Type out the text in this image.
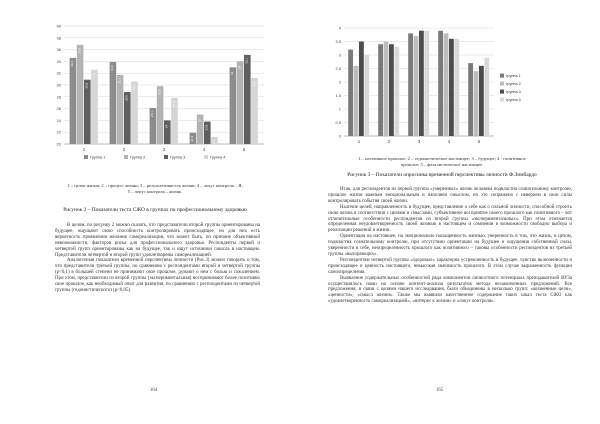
20
22
24
26
28
30
32
34
36
38
40
34,6
36,8
30,9
32,6
1
33,9
31,7
28,8
30,6
2
26,1
29,8
24
27,8
3
21,9
25
23,8
21,2
4
33
34
35,1
31,2
5
Группа 1	Группа 2	Группа 3	Группа 4
1 – целеи жизни; 2 – процесс жизни; 3 – результативность жизни; 4 – локус контроля – Я;
5 – локус контроля – жизнь.
Рисунок 2 – Показатели теста СЖО в группах по профессиональному здоровью

В целом, по рисунку 2 можно сказать, что представители второй группы ориентированы на будущее, ощущают свою способность контролировать происходящее, но для них есть вероятность проявления желания самореализации, что может быть, по причине объективной невозможности, факторов риска для профессионального здоровья. Респонденты первой и четвертой групп ориентированы как на будущее, так и ищут источники смысла в настоящем. Представители четвертой и второй групп удовлетворены самореализацией.

Аналогичная показатели временной перспективы личности (Рис.3) можно говорить о том, что представители третьей группы, по сравнению с респондентами второй и четвертой группы (p<0,1) в большей степени не принимают свое прошлое, думают о нем с болью и сожалением. При этом, представители из второй группы (экспериментальная) воспринимают более позитивно свое прошлое, как необходимый опыт для развития, по сравнению с респондентами из четвертой группы (гедонистического) (p<0,05).

164
0
0,5
1
1,5
2
2,5
3
3,5
4
1	2	3	4	5
группа 1
группа 2
группа 3
группа 4
1 – негативное прошлое; 2 – гедонистическое настоящее; 3 – будущее; 4 - позитивное
прошлое; 5 – фаталистическое настоящее.
Рисунок 3 – Показатели опросника временной перспективы личности Ф.Зимбардо

Итак, для респондентов из первой группы «умеренных» жизнь человека подвластна сознательному контролю, прошлое жизни важным эмоциональным и наполнен смыслом, но это сопряжено с неверием в свои силы контролировать события своей жизни.

Наличие целей, направленность в будущее, представление о себе как о сильной личности, способной строить свою жизнь в соответствии с целями и смыслами, субъективное восприятие своего прошлого как позитивного – вот отличительные особенности респондентов из второй группы «экспериментальных». При этом отмечается определенная неудовлетворенность своей жизнью в настоящем и сомнения в возможности свободно выбора и реализации решений в жизни.

Ориентация на настоящее, на эмоционально насыщенность жизнью, уверенность в том, что жизнь, в целом, подвластна сознательному контролю, при отсутствии ориентации на будущее и ощущения собственной силы, уверенности в себе, неопределенность прошлого как позитивного – таковы особенности респондентов из третьей группы «выгорающих».

Респондентам четвертой группы «здоровых» характерна устремленность в будущее, чувство включенности и происходящее и ценность настоящего, невысокая значимость прошлого. В этом случае выраженность функции самоопределения.

Выявление содержательных особенностей ряда компонентов личностного потенциала преподавателей ВУЗа осуществлялось нами на основе контент-анализа результатов метода незаконченных предложений. Все предложения, в связи с целями нашего исследования, были объединены в несколько групп: «жизненные цели», «ценности», «смысл жизни». Также мы выявили качественное содержание таких шкал теста СЖО как «удовлетворенность самореализацией», «интерес к жизни» и «локус контроля».

165
